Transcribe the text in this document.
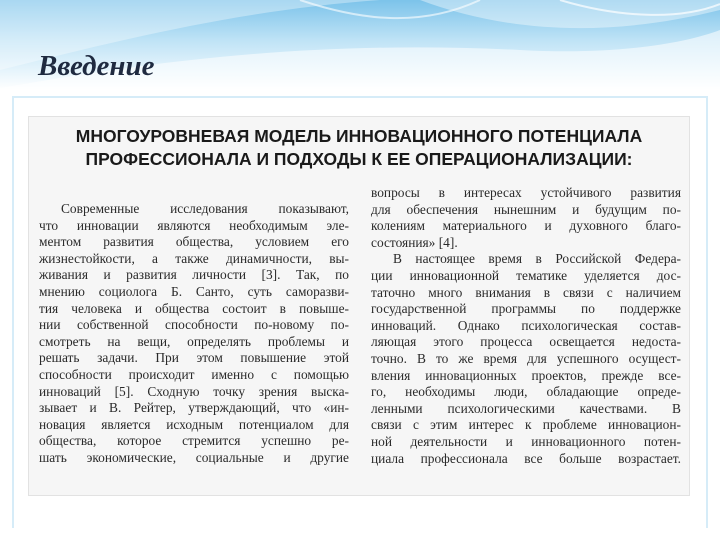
Введение
МНОГОУРОВНЕВАЯ МОДЕЛЬ ИННОВАЦИОННОГО ПОТЕНЦИАЛА
ПРОФЕССИОНАЛА И ПОДХОДЫ К ЕЕ ОПЕРАЦИОНАЛИЗАЦИИ:
Современные исследования показывают,
что инновации являются необходимым эле-
ментом развития общества, условием его
жизнестойкости, а также динамичности, вы-
живания и развития личности [3]. Так, по
мнению социолога Б. Санто, суть саморазви-
тия человека и общества состоит в повыше-
нии собственной способности по-новому по-
смотреть на вещи, определять проблемы и
решать задачи. При этом повышение этой
способности происходит именно с помощью
инноваций [5]. Сходную точку зрения выска-
зывает и В. Рейтер, утверждающий, что «ин-
новация является исходным потенциалом для
общества, которое стремится успешно ре-
шать экономические, социальные и другие
вопросы в интересах устойчивого развития
для обеспечения нынешним и будущим по-
колениям материального и духовного благо-
состояния» [4].
В настоящее время в Российской Федера-
ции инновационной тематике уделяется дос-
таточно много внимания в связи с наличием
государственной программы по поддержке
инноваций. Однако психологическая состав-
ляющая этого процесса освещается недоста-
точно. В то же время для успешного осущест-
вления инновационных проектов, прежде все-
го, необходимы люди, обладающие опреде-
ленными психологическими качествами. В
связи с этим интерес к проблеме инновацион-
ной деятельности и инновационного потен-
циала профессионала все больше возрастает.
